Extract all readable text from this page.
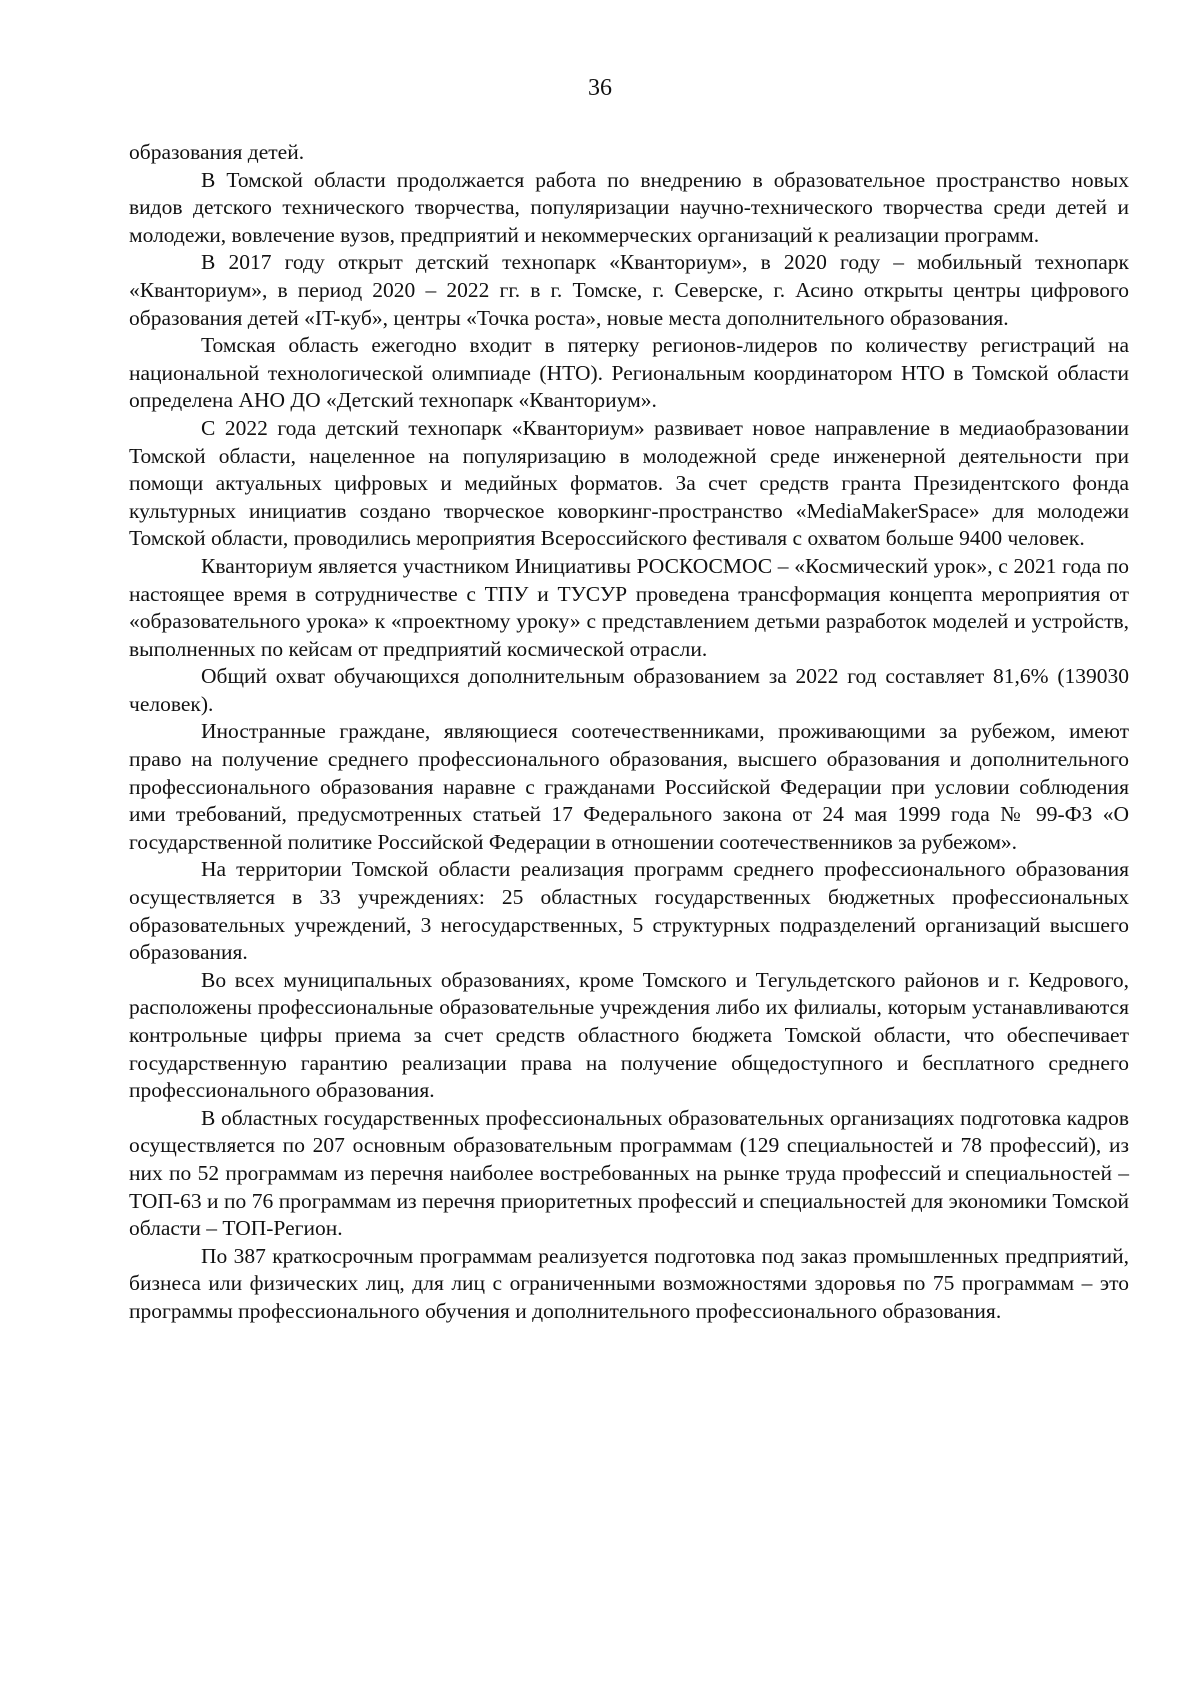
36

образования детей.

В Томской области продолжается работа по внедрению в образовательное пространство новых видов детского технического творчества, популяризации научно-технического творчества среди детей и молодежи, вовлечение вузов, предприятий и некоммерческих организаций к реализации программ.

В 2017 году открыт детский технопарк «Кванториум», в 2020 году – мобильный технопарк «Кванториум», в период 2020 – 2022 гг. в г. Томске, г. Северске, г. Асино открыты центры цифрового образования детей «IT-куб», центры «Точка роста», новые места дополнительного образования.

Томская область ежегодно входит в пятерку регионов-лидеров по количеству регистраций на национальной технологической олимпиаде (НТО). Региональным координатором НТО в Томской области определена АНО ДО «Детский технопарк «Кванториум».

С 2022 года детский технопарк «Кванториум» развивает новое направление в медиаобразовании Томской области, нацеленное на популяризацию в молодежной среде инженерной деятельности при помощи актуальных цифровых и медийных форматов. За счет средств гранта Президентского фонда культурных инициатив создано творческое коворкинг-пространство «MediaMakerSpace» для молодежи Томской области, проводились мероприятия Всероссийского фестиваля с охватом больше 9400 человек.

Кванториум является участником Инициативы РОСКОСМОС – «Космический урок», с 2021 года по настоящее время в сотрудничестве с ТПУ и ТУСУР проведена трансформация концепта мероприятия от «образовательного урока» к «проектному уроку» с представлением детьми разработок моделей и устройств, выполненных по кейсам от предприятий космической отрасли.

Общий охват обучающихся дополнительным образованием за 2022 год составляет 81,6% (139030 человек).

Иностранные граждане, являющиеся соотечественниками, проживающими за рубежом, имеют право на получение среднего профессионального образования, высшего образования и дополнительного профессионального образования наравне с гражданами Российской Федерации при условии соблюдения ими требований, предусмотренных статьей 17 Федерального закона от 24 мая 1999 года № 99-ФЗ «О государственной политике Российской Федерации в отношении соотечественников за рубежом».

На территории Томской области реализация программ среднего профессионального образования осуществляется в 33 учреждениях: 25 областных государственных бюджетных профессиональных образовательных учреждений, 3 негосударственных, 5 структурных подразделений организаций высшего образования.

Во всех муниципальных образованиях, кроме Томского и Тегульдетского районов и г. Кедрового, расположены профессиональные образовательные учреждения либо их филиалы, которым устанавливаются контрольные цифры приема за счет средств областного бюджета Томской области, что обеспечивает государственную гарантию реализации права на получение общедоступного и бесплатного среднего профессионального образования.

В областных государственных профессиональных образовательных организациях подготовка кадров осуществляется по 207 основным образовательным программам (129 специальностей и 78 профессий), из них по 52 программам из перечня наиболее востребованных на рынке труда профессий и специальностей – ТОП-63 и по 76 программам из перечня приоритетных профессий и специальностей для экономики Томской области – ТОП-Регион.

По 387 краткосрочным программам реализуется подготовка под заказ промышленных предприятий, бизнеса или физических лиц, для лиц с ограниченными возможностями здоровья по 75 программам – это программы профессионального обучения и дополнительного профессионального образования.
